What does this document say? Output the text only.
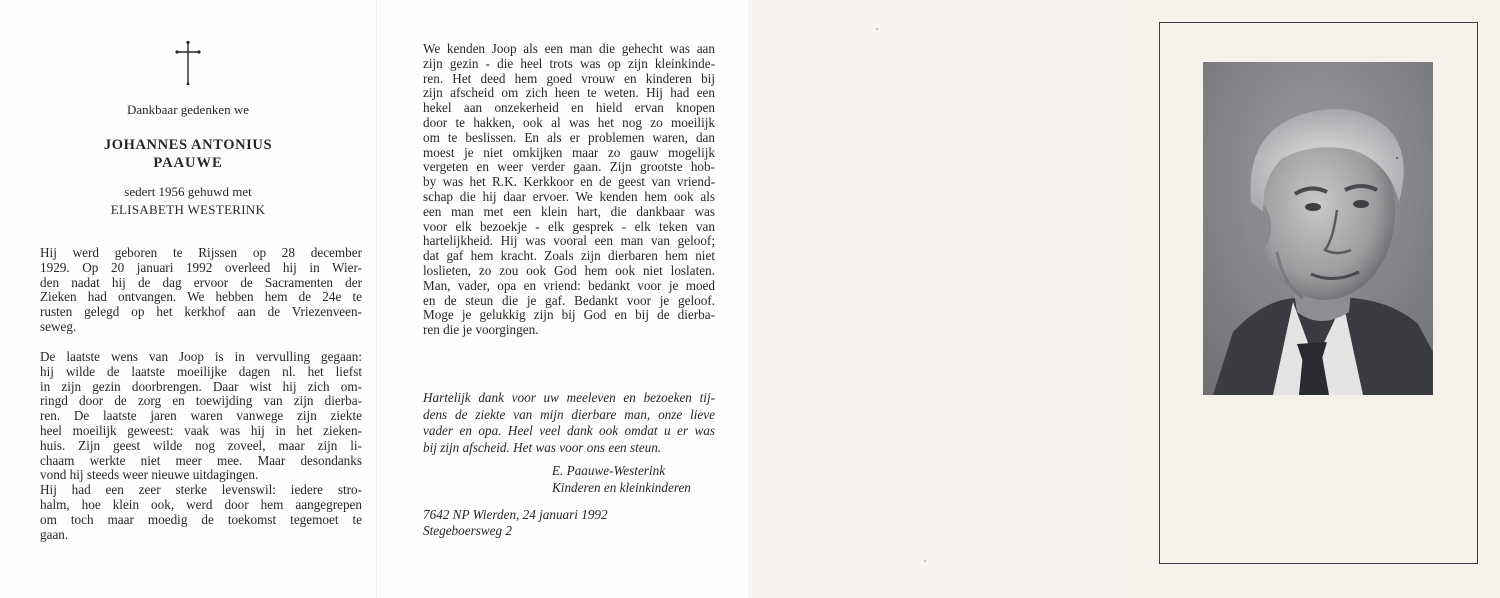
Dankbaar gedenken we

JOHANNES ANTONIUS

PAAUWE

sedert 1956 gehuwd met

ELISABETH WESTERINK

Hij werd geboren te Rijssen op 28 december
1929. Op 20 januari 1992 overleed hij in Wier-
den nadat hij de dag ervoor de Sacramenten der
Zieken had ontvangen. We hebben hem de 24e te
rusten gelegd op het kerkhof aan de Vriezenveen-
seweg.
De laatste wens van Joop is in vervulling gegaan:
hij wilde de laatste moeilijke dagen nl. het liefst
in zijn gezin doorbrengen. Daar wist hij zich om-
ringd door de zorg en toewijding van zijn dierba-
ren. De laatste jaren waren vanwege zijn ziekte
heel moeilijk geweest: vaak was hij in het zieken-
huis. Zijn geest wilde nog zoveel, maar zijn li-
chaam werkte niet meer mee. Maar desondanks
vond hij steeds weer nieuwe uitdagingen.
Hij had een zeer sterke levenswil: iedere stro-
halm, hoe klein ook, werd door hem aangegrepen
om toch maar moedig de toekomst tegemoet te
gaan.
We kenden Joop als een man die gehecht was aan
zijn gezin - die heel trots was op zijn kleinkinde-
ren. Het deed hem goed vrouw en kinderen bij
zijn afscheid om zich heen te weten. Hij had een
hekel aan onzekerheid en hield ervan knopen
door te hakken, ook al was het nog zo moeilijk
om te beslissen. En als er problemen waren, dan
moest je niet omkijken maar zo gauw mogelijk
vergeten en weer verder gaan. Zijn grootste hob-
by was het R.K. Kerkkoor en de geest van vriend-
schap die hij daar ervoer. We kenden hem ook als
een man met een klein hart, die dankbaar was
voor elk bezoekje - elk gesprek - elk teken van
hartelijkheid. Hij was vooral een man van geloof;
dat gaf hem kracht. Zoals zijn dierbaren hem niet
loslieten, zo zou ook God hem ook niet loslaten.
Man, vader, opa en vriend: bedankt voor je moed
en de steun die je gaf. Bedankt voor je geloof.
Moge je gelukkig zijn bij God en bij de dierba-
ren die je voorgingen.
Hartelijk dank voor uw meeleven en bezoeken tij-
dens de ziekte van mijn dierbare man, onze lieve
vader en opa. Heel veel dank ook omdat u er was
bij zijn afscheid. Het was voor ons een steun.
E. Paauwe-Westerink
Kinderen en kleinkinderen
7642 NP Wierden, 24 januari 1992
Stegeboersweg 2
